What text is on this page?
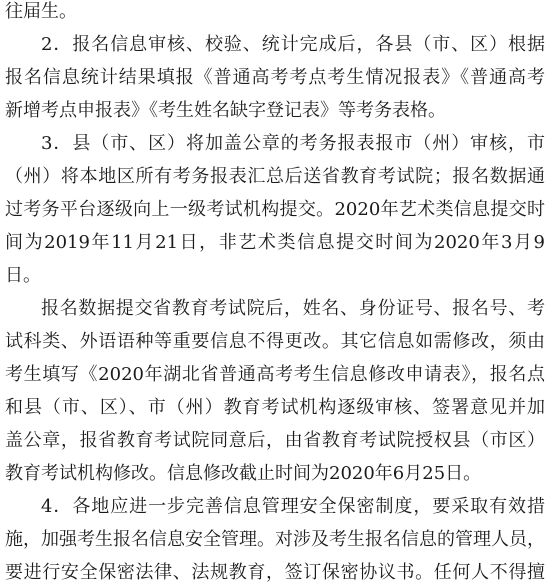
往届生。
2．报名信息审核、校验、统计完成后，各县（市、区）根据
报名信息统计结果填报《普通高考考点考生情况报表》《普通高考
新增考点申报表》《考生姓名缺字登记表》等考务表格。
3．县（市、区）将加盖公章的考务报表报市（州）审核，市
（州）将本地区所有考务报表汇总后送省教育考试院；报名数据通
过考务平台逐级向上一级考试机构提交。2020年艺术类信息提交时
间为2019年11月21日，非艺术类信息提交时间为2020年3月9
日。
报名数据提交省教育考试院后，姓名、身份证号、报名号、考
试科类、外语语种等重要信息不得更改。其它信息如需修改，须由
考生填写《2020年湖北省普通高考考生信息修改申请表》，报名点
和县（市、区）、市（州）教育考试机构逐级审核、签署意见并加
盖公章，报省教育考试院同意后，由省教育考试院授权县（市区）
教育考试机构修改。信息修改截止时间为2020年6月25日。
4．各地应进一步完善信息管理安全保密制度，要采取有效措
施，加强考生报名信息安全管理。对涉及考生报名信息的管理人员，
要进行安全保密法律、法规教育，签订保密协议书。任何人不得擅
